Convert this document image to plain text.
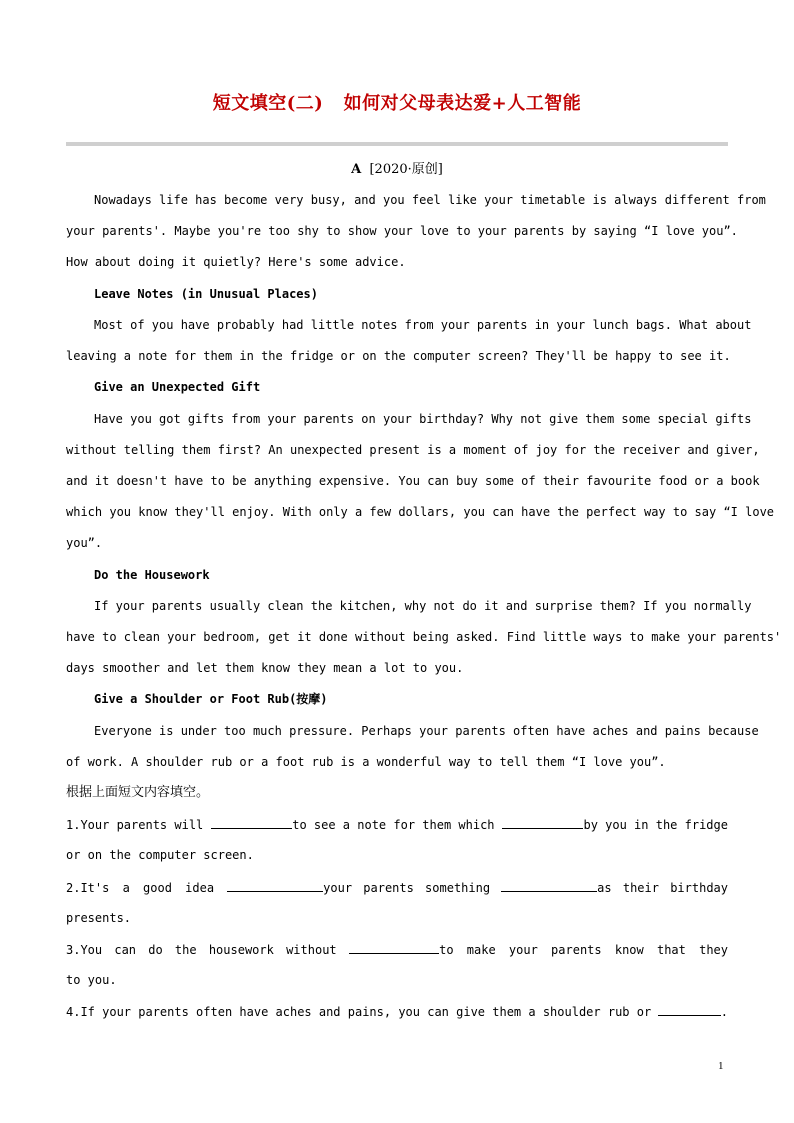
短文填空(二)   如何对父母表达爱+人工智能
A [2020·原创]
Nowadays life has become very busy, and you feel like your timetable is always different from
your parents'. Maybe you're too shy to show your love to your parents by saying “I love you”.
How about doing it quietly? Here's some advice.
Leave Notes (in Unusual Places)
Most of you have probably had little notes from your parents in your lunch bags. What about
leaving a note for them in the fridge or on the computer screen? They'll be happy to see it.
Give an Unexpected Gift
Have you got gifts from your parents on your birthday? Why not give them some special gifts
without telling them first? An unexpected present is a moment of joy for the receiver and giver,
and it doesn't have to be anything expensive. You can buy some of their favourite food or a book
which you know they'll enjoy. With only a few dollars, you can have the perfect way to say “I love
you”.
Do the Housework
If your parents usually clean the kitchen, why not do it and surprise them? If you normally
have to clean your bedroom, get it done without being asked. Find little ways to make your parents'
days smoother and let them know they mean a lot to you.
Give a Shoulder or Foot Rub(按摩)
Everyone is under too much pressure. Perhaps your parents often have aches and pains because
of work. A shoulder rub or a foot rub is a wonderful way to tell them “I love you”.
根据上面短文内容填空。
1.Your parents will	to see a note for them which	by you in the fridge
or on the computer screen.
2.It's a good idea	your parents something	as their birthday
presents.
3.You can do the housework without	to make your parents know that they
to you.
4.If your parents often have aches and pains, you can give them a shoulder rub or	.
1
